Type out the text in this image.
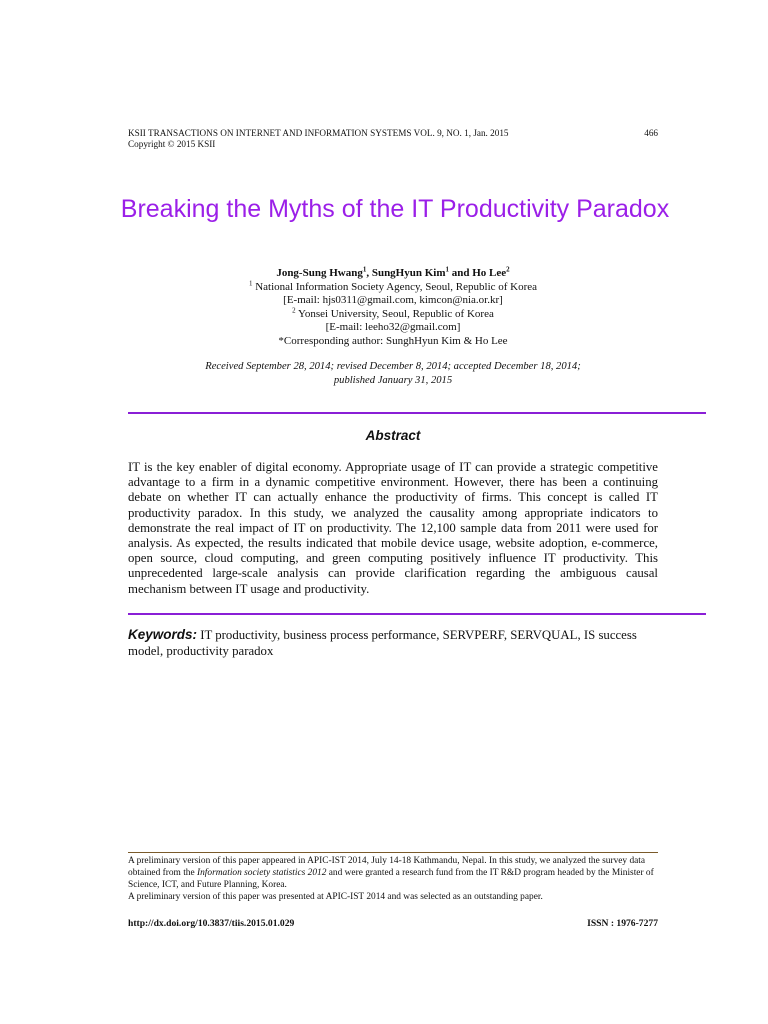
KSII TRANSACTIONS ON INTERNET AND INFORMATION SYSTEMS VOL. 9, NO. 1, Jan. 2015
Copyright © 2015 KSII
466
Breaking the Myths of the IT Productivity Paradox
Jong-Sung Hwang$^1$, SungHyun Kim$^1$ and Ho Lee$^2$
$^1$ National Information Society Agency, Seoul, Republic of Korea
[E-mail: hjs0311@gmail.com, kimcon@nia.or.kr]
$^2$ Yonsei University, Seoul, Republic of Korea
[E-mail: leeho32@gmail.com]
*Corresponding author: SunghHyun Kim & Ho Lee
Received September 28, 2014; revised December 8, 2014; accepted December 18, 2014;
published January 31, 2015
Abstract
IT is the key enabler of digital economy. Appropriate usage of IT can provide a strategic competitive advantage to a firm in a dynamic competitive environment. However, there has been a continuing debate on whether IT can actually enhance the productivity of firms. This concept is called IT productivity paradox. In this study, we analyzed the causality among appropriate indicators to demonstrate the real impact of IT on productivity. The 12,100 sample data from 2011 were used for analysis. As expected, the results indicated that mobile device usage, website adoption, e-commerce, open source, cloud computing, and green computing positively influence IT productivity. This unprecedented large-scale analysis can provide clarification regarding the ambiguous causal mechanism between IT usage and productivity.
Keywords: IT productivity, business process performance, SERVPERF, SERVQUAL, IS success model, productivity paradox
A preliminary version of this paper appeared in APIC-IST 2014, July 14-18 Kathmandu, Nepal. In this study, we analyzed the survey data obtained from the Information society statistics 2012 and were granted a research fund from the IT R&D program headed by the Minister of Science, ICT, and Future Planning, Korea.
A preliminary version of this paper was presented at APIC-IST 2014 and was selected as an outstanding paper.
http://dx.doi.org/10.3837/tiis.2015.01.029	ISSN : 1976-7277
